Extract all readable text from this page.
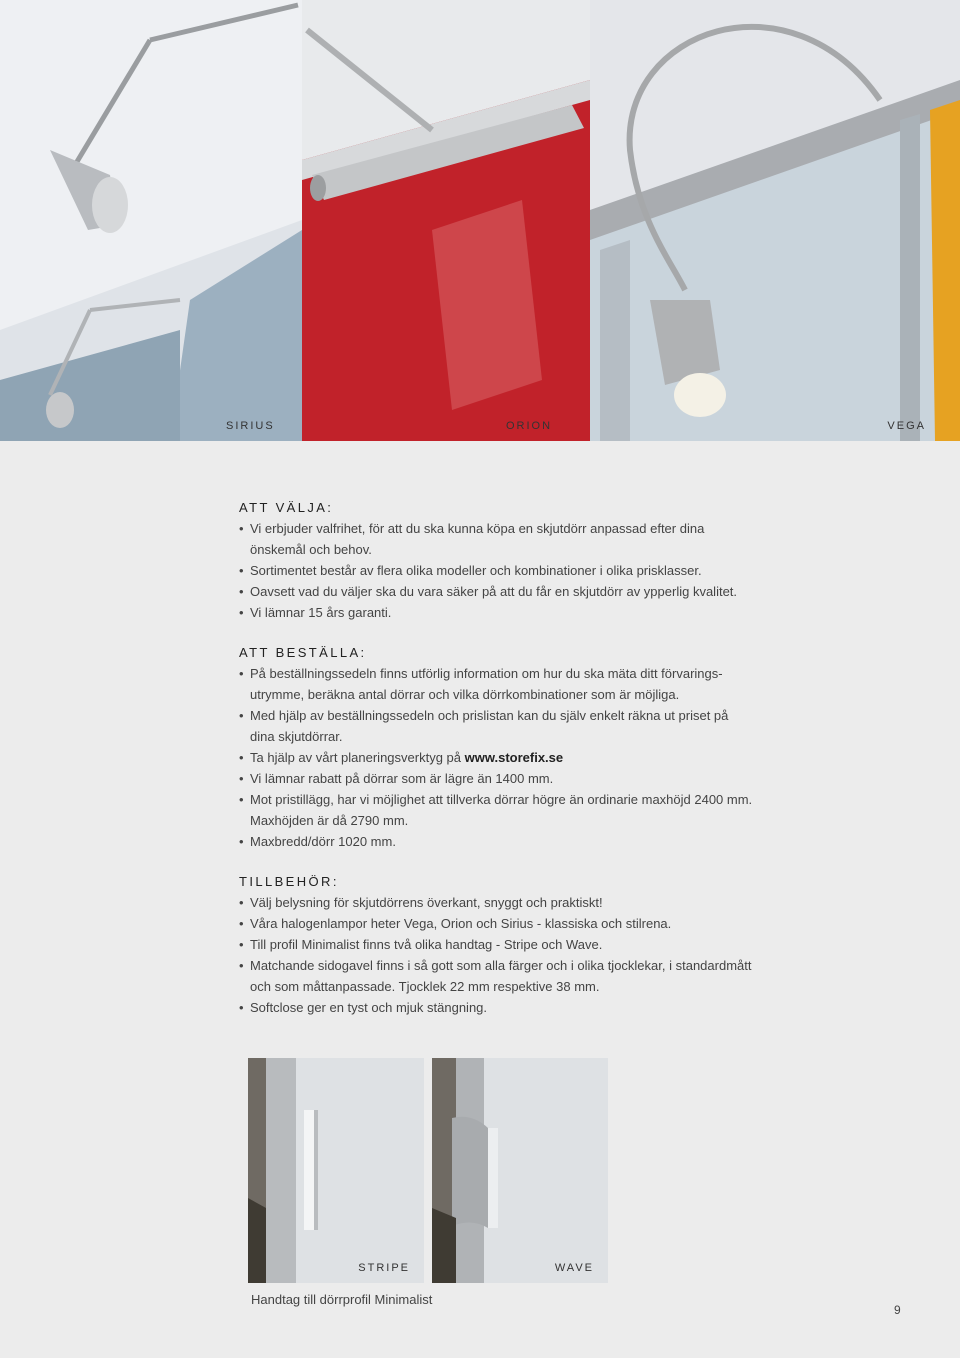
SIRIUS	ORION	VEGA
ATT VÄLJA:
• Vi erbjuder valfrihet, för att du ska kunna köpa en skjutdörr anpassad efter dina
önskemål och behov.
• Sortimentet består av flera olika modeller och kombinationer i olika prisklasser.
• Oavsett vad du väljer ska du vara säker på att du får en skjutdörr av ypperlig kvalitet.
• Vi lämnar 15 års garanti.
ATT BESTÄLLA:
• På beställningssedeln finns utförlig information om hur du ska mäta ditt förvarings-
utrymme, beräkna antal dörrar och vilka dörrkombinationer som är möjliga.
• Med hjälp av beställningssedeln och prislistan kan du själv enkelt räkna ut priset på
dina skjutdörrar.
• Ta hjälp av vårt planeringsverktyg på www.storefix.se
• Vi lämnar rabatt på dörrar som är lägre än 1400 mm.
• Mot pristillägg, har vi möjlighet att tillverka dörrar högre än ordinarie maxhöjd 2400 mm.
Maxhöjden är då 2790 mm.
• Maxbredd/dörr 1020 mm.
TILLBEHÖR:
• Välj belysning för skjutdörrens överkant, snyggt och praktiskt!
• Våra halogenlampor heter Vega, Orion och Sirius - klassiska och stilrena.
• Till profil Minimalist finns två olika handtag - Stripe och Wave.
• Matchande sidogavel finns i så gott som alla färger och i olika tjocklekar, i standardmått
och som måttanpassade. Tjocklek 22 mm respektive 38 mm.
• Softclose ger en tyst och mjuk stängning.
STRIPE	WAVE
Handtag till dörrprofil Minimalist
9
